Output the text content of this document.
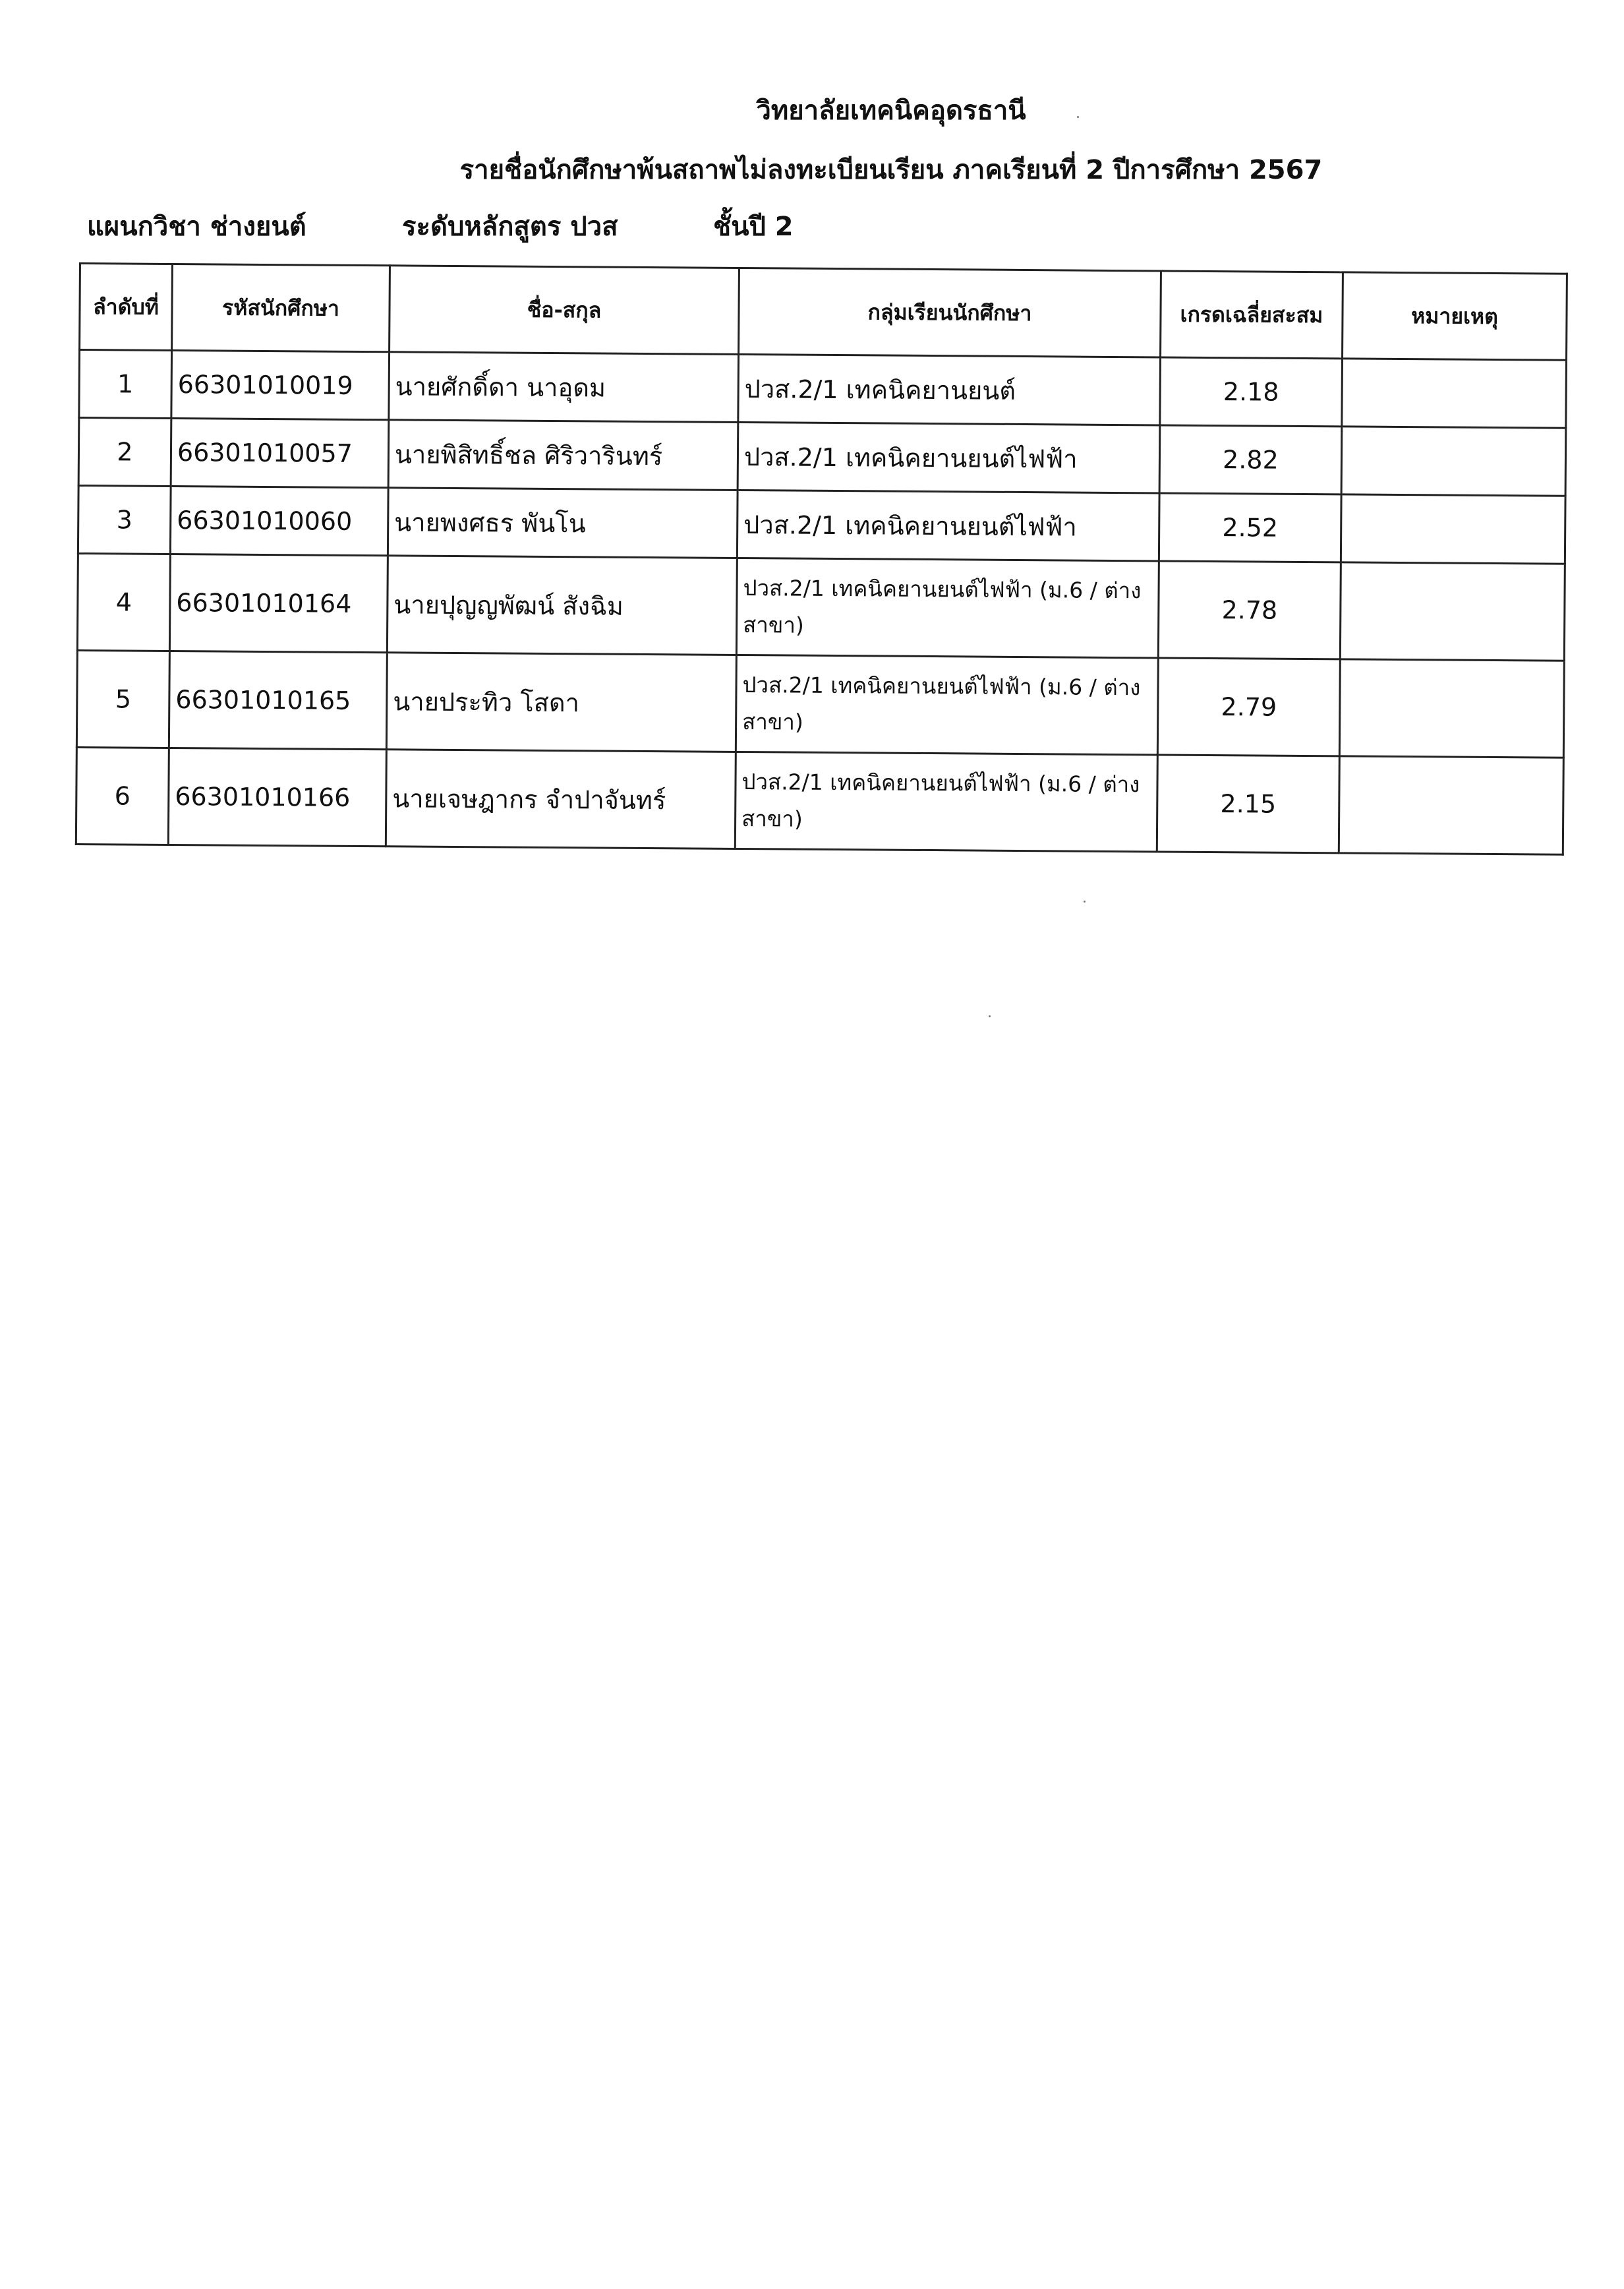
วิทยาลัยเทคนิคอุดรธานี
รายชื่อนักศึกษาพ้นสถาพไม่ลงทะเบียนเรียน ภาคเรียนที่ 2 ปีการศึกษา 2567
แผนกวิชา ช่างยนต์	ระดับหลักสูตร ปวส	ชั้นปี 2
ลำดับที่	รหัสนักศึกษา	ชื่อ-สกุล	กลุ่มเรียนนักศึกษา	เกรดเฉลี่ยสะสม	หมายเหตุ
1	66301010019	นายศักดิ์ดา นาอุดม	ปวส.2/1 เทคนิคยานยนต์	2.18	
2	66301010057	นายพิสิทธิ์ชล ศิริวารินทร์	ปวส.2/1 เทคนิคยานยนต์ไฟฟ้า	2.82	
3	66301010060	นายพงศธร พันโน	ปวส.2/1 เทคนิคยานยนต์ไฟฟ้า	2.52	
4	66301010164	นายปุญญพัฒน์ สังฉิม	ปวส.2/1 เทคนิคยานยนต์ไฟฟ้า (ม.6 / ต่างสาขา)	2.78	
5	66301010165	นายประทิว โสดา	ปวส.2/1 เทคนิคยานยนต์ไฟฟ้า (ม.6 / ต่างสาขา)	2.79	
6	66301010166	นายเจษฎากร จำปาจันทร์	ปวส.2/1 เทคนิคยานยนต์ไฟฟ้า (ม.6 / ต่างสาขา)	2.15	
